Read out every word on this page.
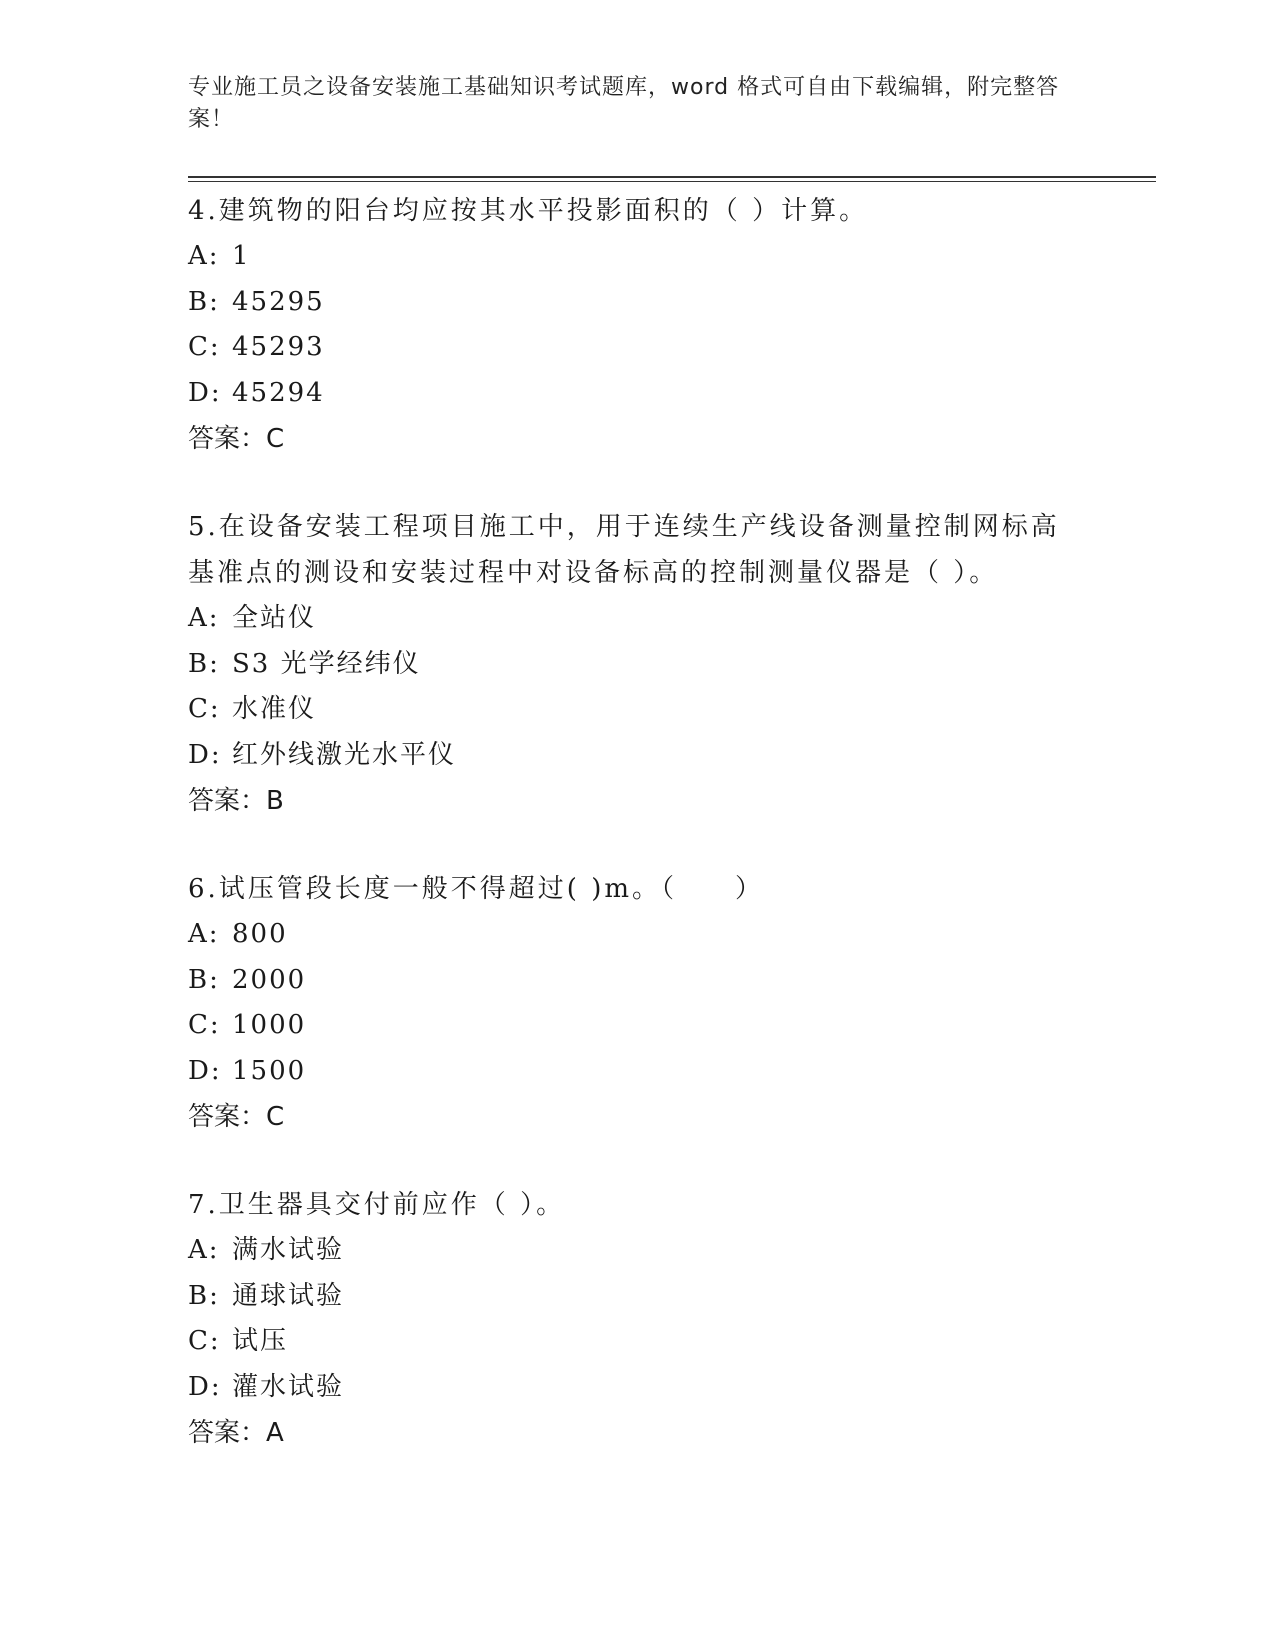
专业施工员之设备安装施工基础知识考试题库，word 格式可自由下载编辑，附完整答案！

4.建筑物的阳台均应按其水平投影面积的（ ）计算。

A: 1

B: 45295

C: 45293

D: 45294

答案：C

5.在设备安装工程项目施工中，用于连续生产线设备测量控制网标高基准点的测设和安装过程中对设备标高的控制测量仪器是（ ）。

A: 全站仪

B: S3 光学经纬仪

C: 水准仪

D: 红外线激光水平仪

答案：B

6.试压管段长度一般不得超过( )m。（　　）

A: 800

B: 2000

C: 1000

D: 1500

答案：C

7.卫生器具交付前应作（ ）。

A: 满水试验

B: 通球试验

C: 试压

D: 灌水试验

答案：A
